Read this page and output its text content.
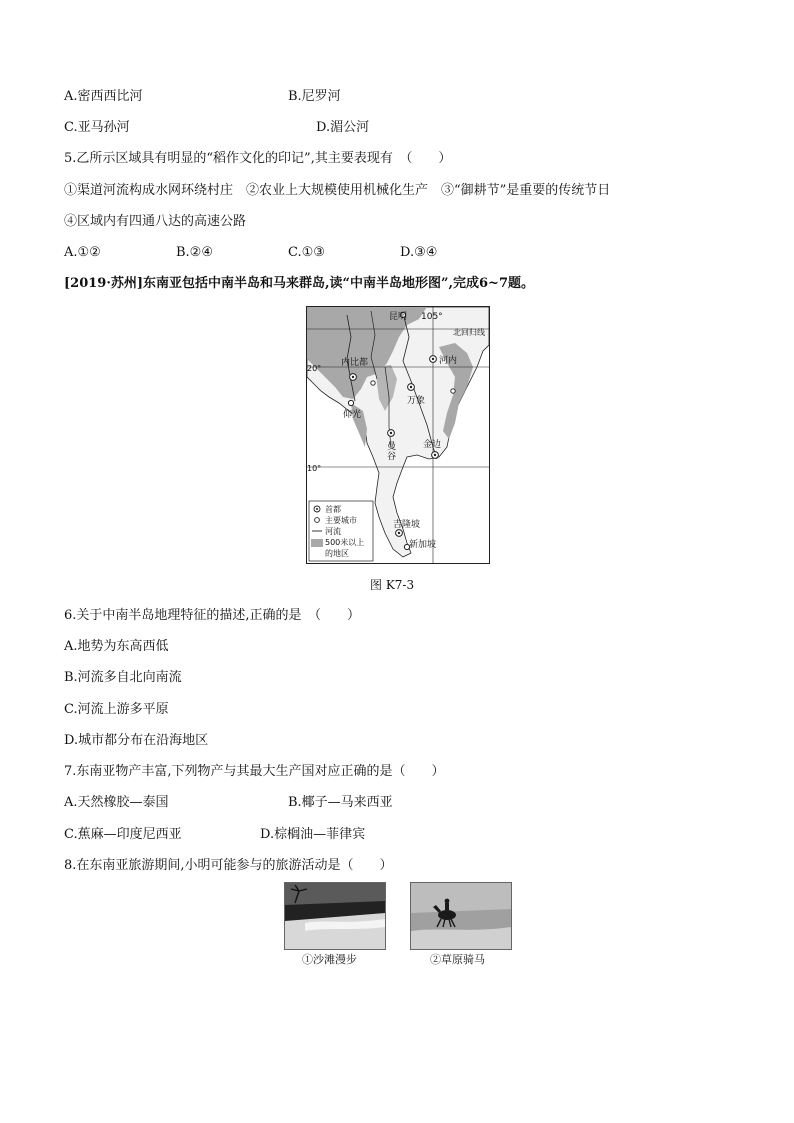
A.密西西比河	B.尼罗河
C.亚马孙河	D.湄公河
5.乙所示区域具有明显的“稻作文化的印记”,其主要表现有　（　　）
①渠道河流构成水网环绕村庄　②农业上大规模使用机械化生产　③“御耕节”是重要的传统节日
④区域内有四通八达的高速公路
A.①②	B.②④	C.①③	D.③④
[2019·苏州]东南亚包括中南半岛和马来群岛,读“中南半岛地形图”,完成6~7题。
昆明 105°
北回归线
内比都	河内
20°
万象
仰光
曼
谷
金边
10°
吉隆坡
新加坡
首都
主要城市
河流
500米以上
的地区
图 K7-3
6.关于中南半岛地理特征的描述,正确的是　（　　）
A.地势为东高西低
B.河流多自北向南流
C.河流上游多平原
D.城市都分布在沿海地区
7.东南亚物产丰富,下列物产与其最大生产国对应正确的是（　　）
A.天然橡胶—泰国	B.椰子—马来西亚
C.蕉麻—印度尼西亚	D.棕榈油—菲律宾
8.在东南亚旅游期间,小明可能参与的旅游活动是（　　）
①沙滩漫步	②草原骑马
